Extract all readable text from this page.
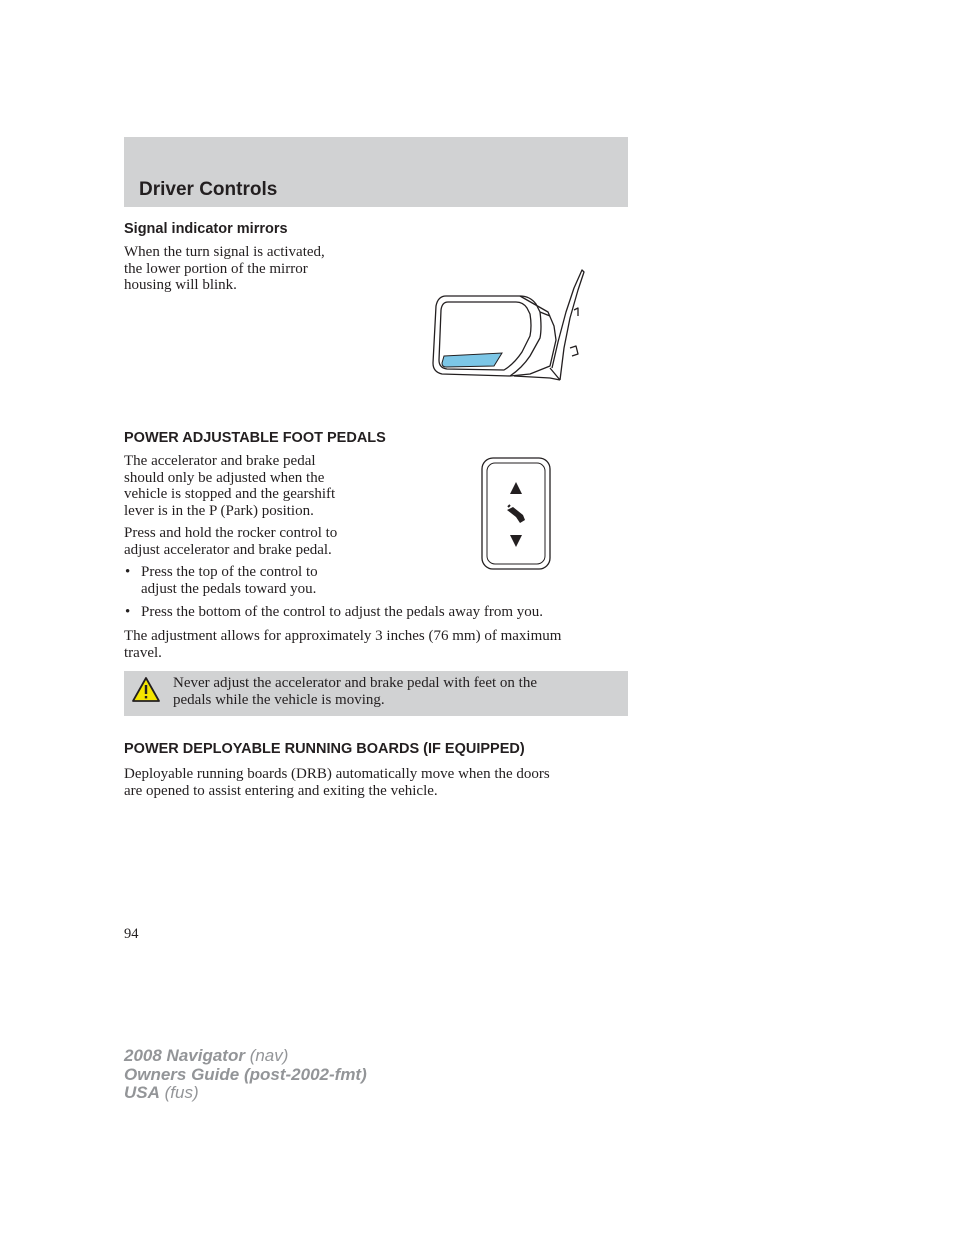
Driver Controls
Signal indicator mirrors
When the turn signal is activated,
the lower portion of the mirror
housing will blink.
POWER ADJUSTABLE FOOT PEDALS
The accelerator and brake pedal
should only be adjusted when the
vehicle is stopped and the gearshift
lever is in the P (Park) position.
Press and hold the rocker control to
adjust accelerator and brake pedal.
• Press the top of the control to
adjust the pedals toward you.
• Press the bottom of the control to adjust the pedals away from you.
The adjustment allows for approximately 3 inches (76 mm) of maximum
travel.
Never adjust the accelerator and brake pedal with feet on the
pedals while the vehicle is moving.
POWER DEPLOYABLE RUNNING BOARDS (IF EQUIPPED)
Deployable running boards (DRB) automatically move when the doors
are opened to assist entering and exiting the vehicle.
94
2008 Navigator (nav)
Owners Guide (post-2002-fmt)
USA (fus)
